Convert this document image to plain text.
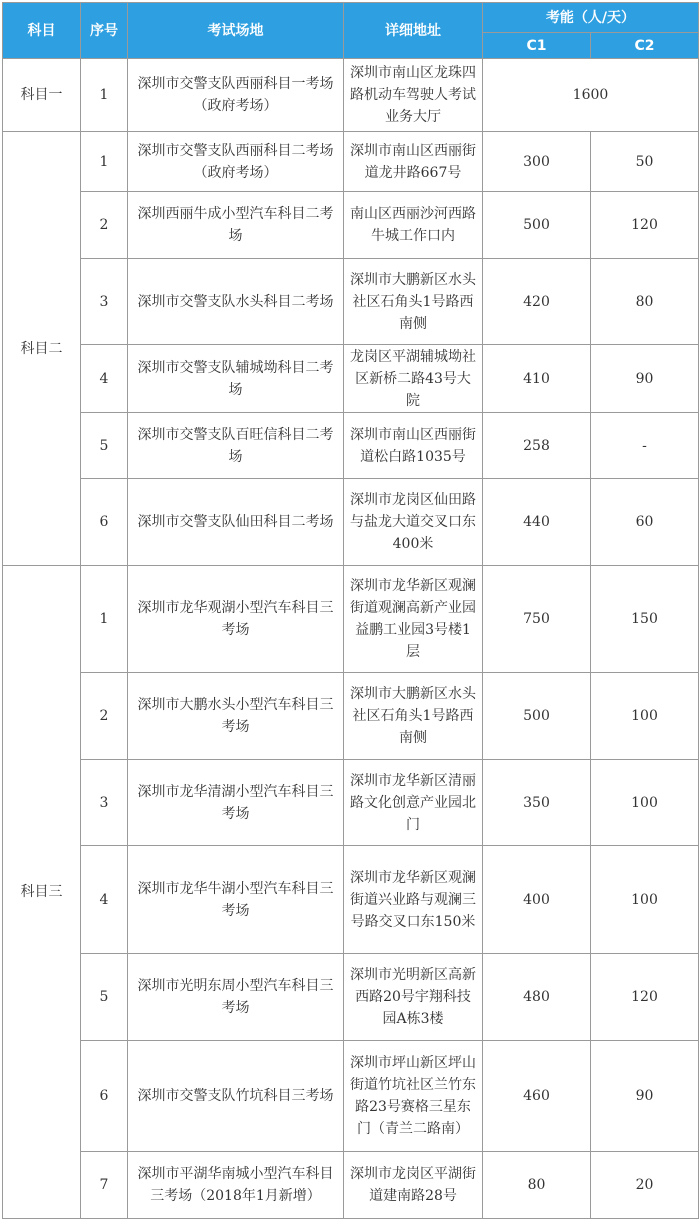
科目	序号	考试场地	详细地址	考能（人/天）	
				C1	C2
科目一	1	深圳市交警支队西丽科目一考场（政府考场）	深圳市南山区龙珠四路机动车驾驶人考试业务大厅	1600	
科目二	1	深圳市交警支队西丽科目二考场（政府考场）	深圳市南山区西丽街道龙井路667号	300	50
	2	深圳西丽牛成小型汽车科目二考场	南山区西丽沙河西路牛城工作口内	500	120
	3	深圳市交警支队水头科目二考场	深圳市大鹏新区水头社区石角头1号路西南侧	420	80
	4	深圳市交警支队辅城坳科目二考场	龙岗区平湖辅城坳社区新桥二路43号大院	410	90
	5	深圳市交警支队百旺信科目二考场	深圳市南山区西丽街道松白路1035号	258	-
	6	深圳市交警支队仙田科目二考场	深圳市龙岗区仙田路与盐龙大道交叉口东400米	440	60
科目三	1	深圳市龙华观湖小型汽车科目三考场	深圳市龙华新区观澜街道观澜高新产业园益鹏工业园3号楼1层	750	150
	2	深圳市大鹏水头小型汽车科目三考场	深圳市大鹏新区水头社区石角头1号路西南侧	500	100
	3	深圳市龙华清湖小型汽车科目三考场	深圳市龙华新区清丽路文化创意产业园北门	350	100
	4	深圳市龙华牛湖小型汽车科目三考场	深圳市龙华新区观澜街道兴业路与观澜三号路交叉口东150米	400	100
	5	深圳市光明东周小型汽车科目三考场	深圳市光明新区高新西路20号宇翔科技园A栋3楼	480	120
	6	深圳市交警支队竹坑科目三考场	深圳市坪山新区坪山街道竹坑社区兰竹东路23号赛格三星东门（青兰二路南）	460	90
	7	深圳市平湖华南城小型汽车科目三考场（2018年1月新增）	深圳市龙岗区平湖街道建南路28号	80	20
